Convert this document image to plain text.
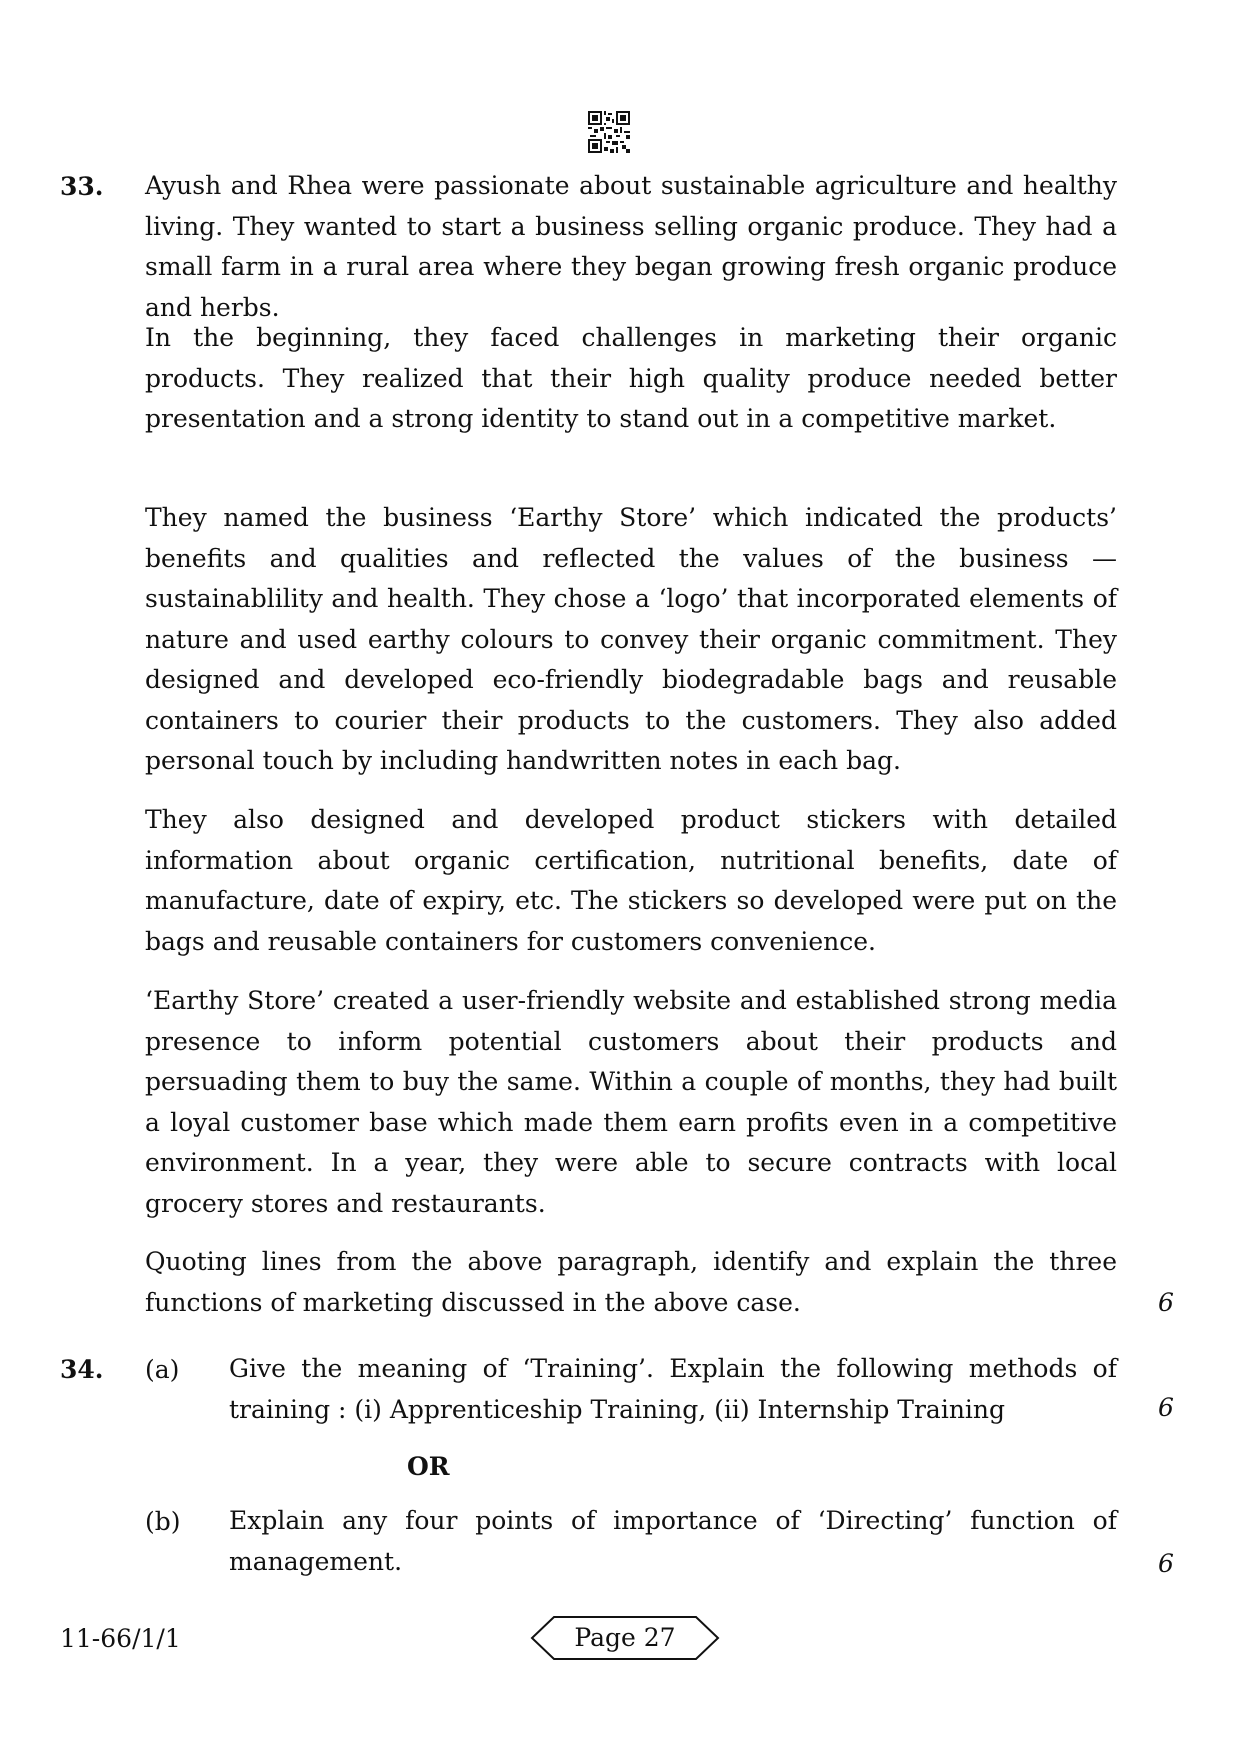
33. Ayush and Rhea were passionate about sustainable agriculture and healthy living. They wanted to start a business selling organic produce. They had a small farm in a rural area where they began growing fresh organic produce and herbs.

In the beginning, they faced challenges in marketing their organic products. They realized that their high quality produce needed better presentation and a strong identity to stand out in a competitive market.

They named the business ‘Earthy Store’ which indicated the products’ benefits and qualities and reflected the values of the business — sustainablility and health. They chose a ‘logo’ that incorporated elements of nature and used earthy colours to convey their organic commitment. They designed and developed eco-friendly biodegradable bags and reusable containers to courier their products to the customers. They also added personal touch by including handwritten notes in each bag.

They also designed and developed product stickers with detailed information about organic certification, nutritional benefits, date of manufacture, date of expiry, etc. The stickers so developed were put on the bags and reusable containers for customers convenience.

‘Earthy Store’ created a user-friendly website and established strong media presence to inform potential customers about their products and persuading them to buy the same. Within a couple of months, they had built a loyal customer base which made them earn profits even in a competitive environment. In a year, they were able to secure contracts with local grocery stores and restaurants.

Quoting lines from the above paragraph, identify and explain the three functions of marketing discussed in the above case.	6
34. (a) Give the meaning of ‘Training’. Explain the following methods of training : (i) Apprenticeship Training, (ii) Internship Training	6
OR
(b) Explain any four points of importance of ‘Directing’ function of management.	6
11-66/1/1	Page 27
